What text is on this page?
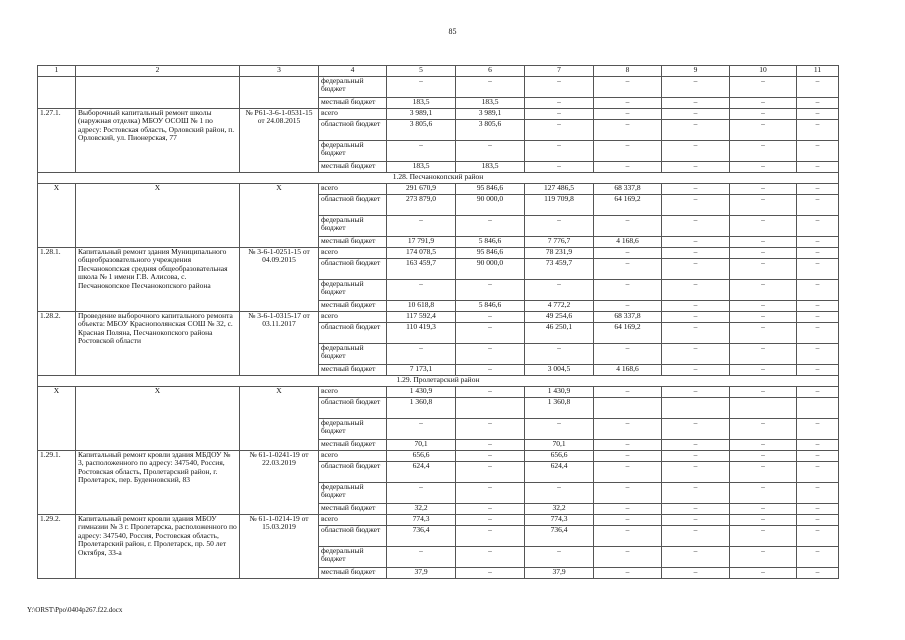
85
1	2	3	4	5	6	7	8	9	10	11
			федеральный бюджет	–	–	–	–	–	–	–
			местный бюджет	183,5	183,5	–	–	–	–	–
1.27.1.	Выборочный капитальный ремонт школы (наружная отделка) МБОУ ОСОШ № 1 по адресу: Ростовская область, Орловский район, п. Орловский, ул. Пионерская, 77	№ Р61-3-6-1-0531-15 от 24.08.2015	всего	3 989,1	3 989,1	–	–	–	–	–
			областной бюджет	3 805,6	3 805,6	–	–	–	–	–
			федеральный бюджет	–	–	–	–	–	–	–
			местный бюджет	183,5	183,5	–	–	–	–	–
1.28. Песчанокопский район										
Х	Х	Х	всего	291 670,9	95 846,6	127 486,5	68 337,8	–	–	–
			областной бюджет	273 879,0	90 000,0	119 709,8	64 169,2	–	–	–
			федеральный бюджет	–	–	–	–	–	–	–
			местный бюджет	17 791,9	5 846,6	7 776,7	4 168,6	–	–	–
1.28.1.	Капитальный ремонт здания Муниципального общеобразовательного учреждения Песчанокопская средняя общеобразовательная школа № 1 имени Г.В. Алисова, с. Песчанокопское Песчанокопского района	№ 3-6-1-0251-15 от 04.09.2015	всего	174 078,5	95 846,6	78 231,9	–	–	–	–
			областной бюджет	163 459,7	90 000,0	73 459,7	–	–	–	–
			федеральный бюджет	–	–	–	–	–	–	–
			местный бюджет	10 618,8	5 846,6	4 772,2	–	–	–	–
1.28.2.	Проведение выборочного капитального ремонта объекта: МБОУ Краснополянская СОШ № 32, с. Красная Поляна, Песчанокопского района Ростовской области	№ 3-6-1-0315-17 от 03.11.2017	всего	117 592,4	–	49 254,6	68 337,8	–	–	–
			областной бюджет	110 419,3	–	46 250,1	64 169,2	–	–	–
			федеральный бюджет	–	–	–	–	–	–	–
			местный бюджет	7 173,1	–	3 004,5	4 168,6	–	–	–
1.29. Пролетарский район										
Х	Х	Х	всего	1 430,9	–	1 430,9	–	–	–	–
			областной бюджет	1 360,8		1 360,8				
			федеральный бюджет	–	–	–	–	–	–	–
			местный бюджет	70,1	–	70,1	–	–	–	–
1.29.1.	Капитальный ремонт кровли здания МБДОУ № 3, расположенного по адресу: 347540, Россия, Ростовская область, Пролетарский район, г. Пролетарск, пер. Буденновский, 83	№ 61-1-0241-19 от 22.03.2019	всего	656,6	–	656,6	–	–	–	–
			областной бюджет	624,4	–	624,4	–	–	–	–
			федеральный бюджет	–	–	–	–	–	–	–
			местный бюджет	32,2	–	32,2	–	–	–	–
1.29.2.	Капитальный ремонт кровли здания МБОУ гимназии № 3 г. Пролетарска, расположенного по адресу: 347540, Россия, Ростовская область, Пролетарский район, г. Пролетарск, пр. 50 лет Октября, 33-а	№ 61-1-0214-19 от 15.03.2019	всего	774,3	–	774,3	–	–	–	–
			областной бюджет	736,4	–	736,4	–	–	–	–
			федеральный бюджет	–	–	–	–	–	–	–
			местный бюджет	37,9	–	37,9	–	–	–	–
Y:\ORST\Ppo\0404p267.f22.docx
